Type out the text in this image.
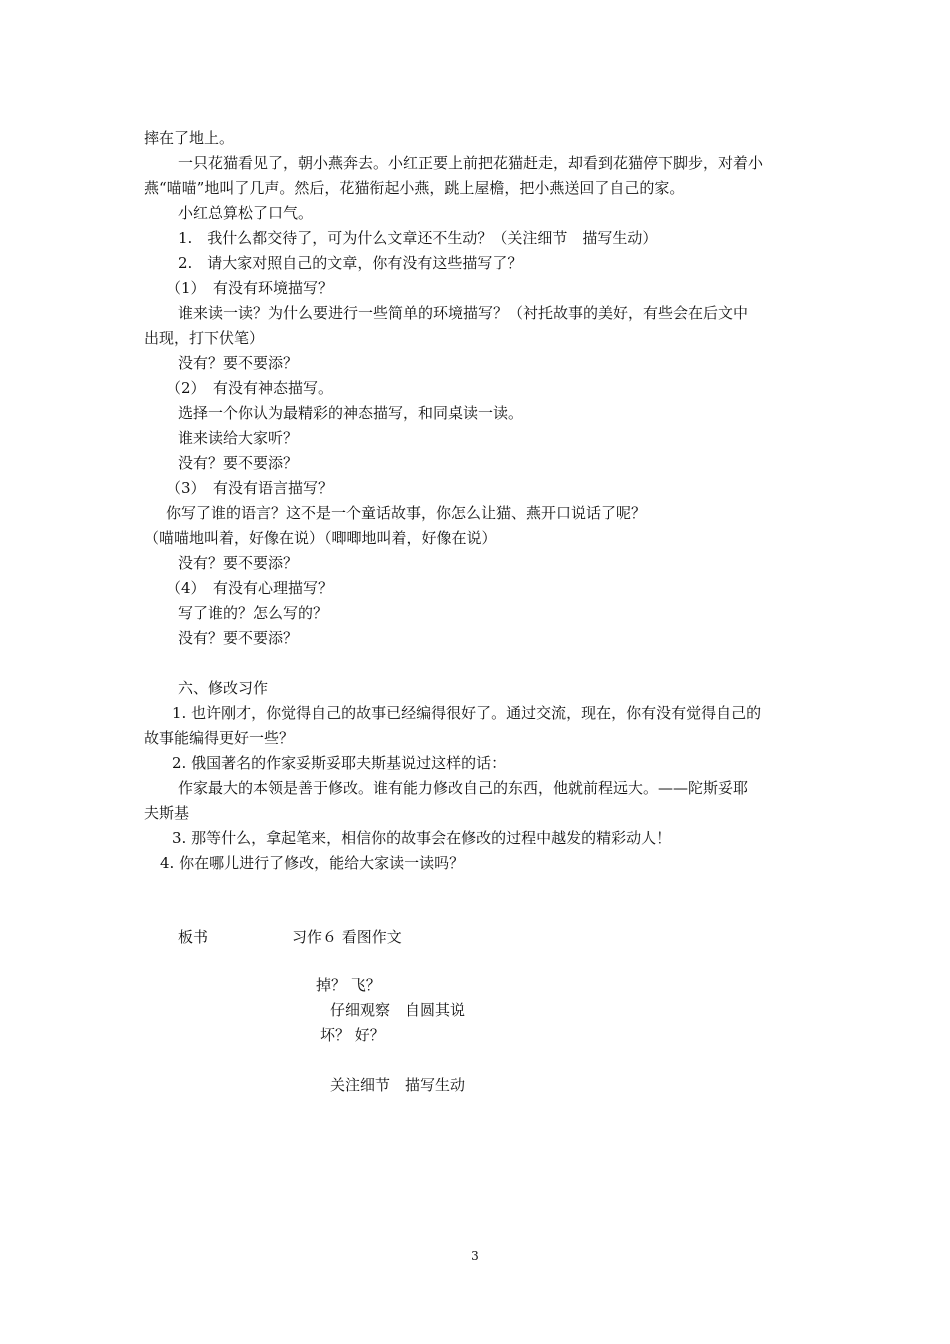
摔在了地上。
一只花猫看见了，朝小燕奔去。小红正要上前把花猫赶走，却看到花猫停下脚步，对着小
燕“喵喵”地叫了几声。然后，花猫衔起小燕，跳上屋檐，把小燕送回了自己的家。
小红总算松了口气。
1.　我什么都交待了，可为什么文章还不生动？（关注细节　描写生动）
2.　请大家对照自己的文章，你有没有这些描写了？
（1）　有没有环境描写？
谁来读一读？为什么要进行一些简单的环境描写？（衬托故事的美好，有些会在后文中
出现，打下伏笔）
没有？要不要添？
（2）　有没有神态描写。
选择一个你认为最精彩的神态描写，和同桌读一读。
谁来读给大家听？
没有？要不要添？
（3）　有没有语言描写？
你写了谁的语言？这不是一个童话故事，你怎么让猫、燕开口说话了呢？
（喵喵地叫着，好像在说）（唧唧地叫着，好像在说）
没有？要不要添？
（4）　有没有心理描写？
写了谁的？怎么写的？
没有？要不要添？
六、修改习作
1. 也许刚才，你觉得自己的故事已经编得很好了。通过交流，现在，你有没有觉得自己的
故事能编得更好一些？
2. 俄国著名的作家妥斯妥耶夫斯基说过这样的话：
作家最大的本领是善于修改。谁有能力修改自己的东西，他就前程远大。——陀斯妥耶
夫斯基
3. 那等什么，拿起笔来，相信你的故事会在修改的过程中越发的精彩动人！
4. 你在哪儿进行了修改，能给大家读一读吗？
板书	习作６ 看图作文
掉？ 飞？
仔细观察　自圆其说
坏？ 好？
关注细节　描写生动
3
